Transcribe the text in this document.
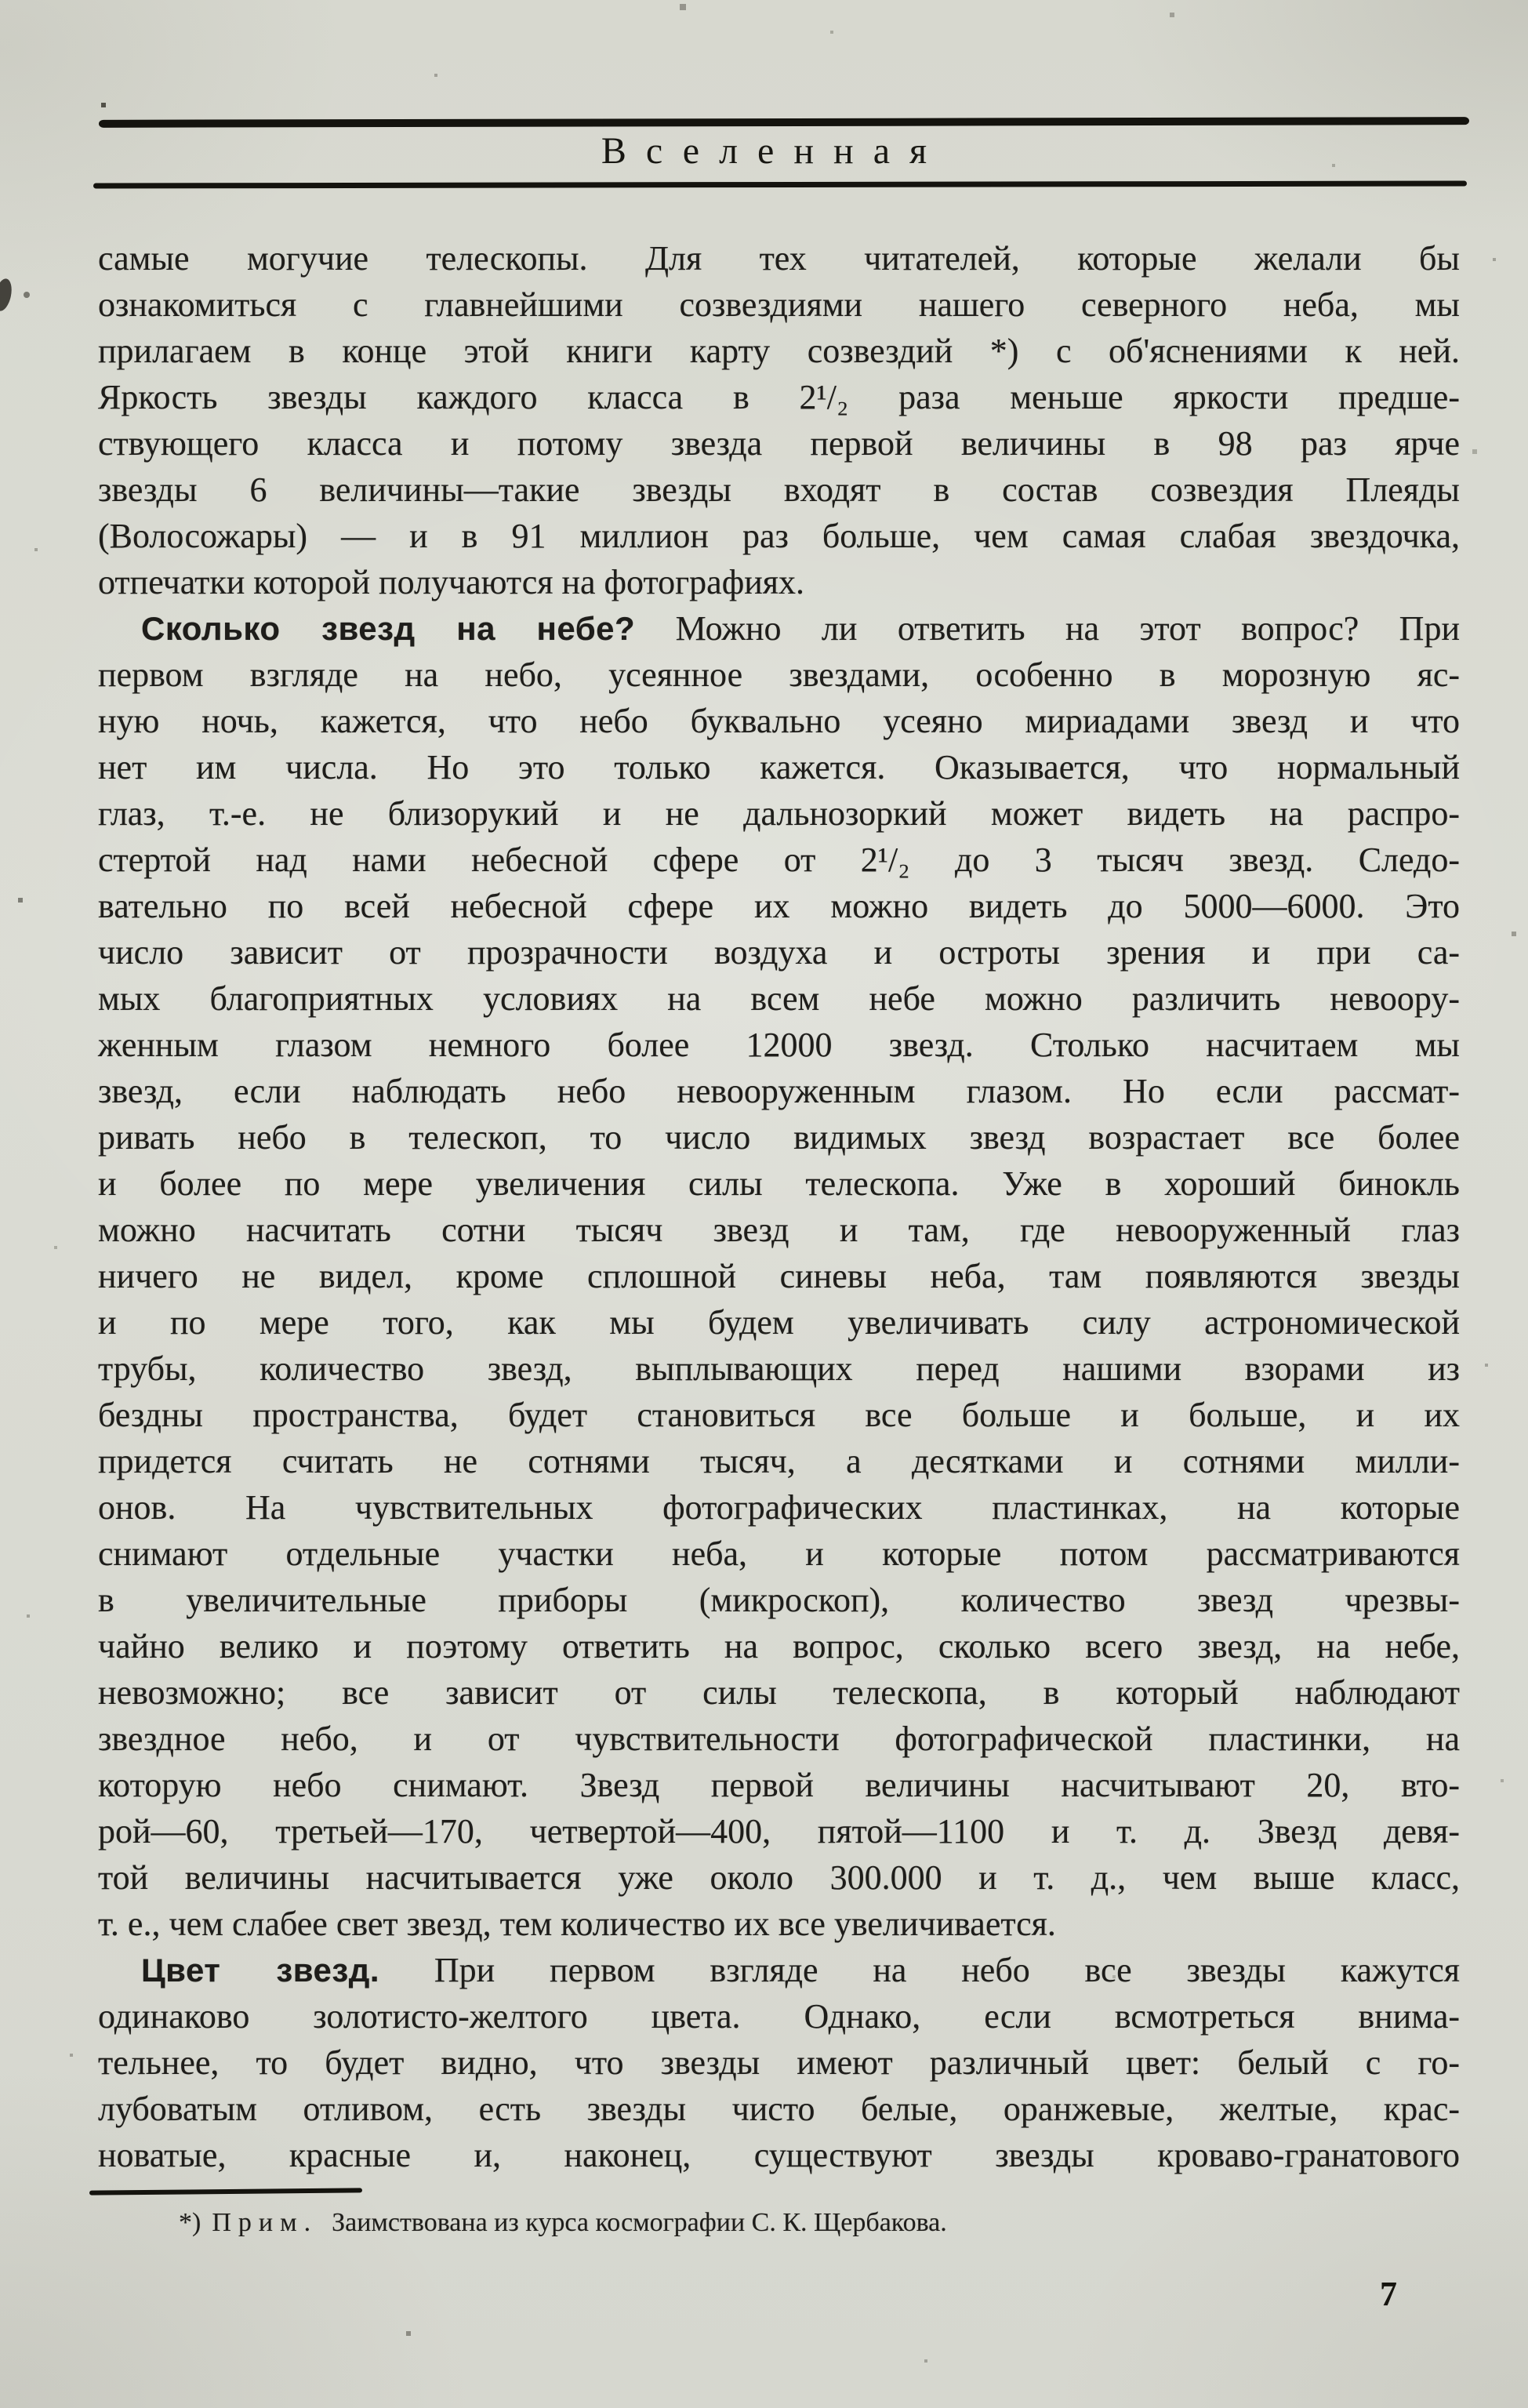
Вселенная
самые могучие телескопы. Для тех читателей, которые желали бы
ознакомиться с главнейшими созвездиями нашего северного неба, мы
прилагаем в конце этой книги карту созвездий *) с об'яснениями к ней.
Яркость звезды каждого класса в 2¹/₂ раза меньше яркости предше-
ствующего класса и потому звезда первой величины в 98 раз ярче
звезды 6 величины—такие звезды входят в состав созвездия Плеяды
(Волосожары) — и в 91 миллион раз больше, чем самая слабая звездочка,
отпечатки которой получаются на фотографиях.
Сколько звезд на небе? Можно ли ответить на этот вопрос? При
первом взгляде на небо, усеянное звездами, особенно в морозную яс-
ную ночь, кажется, что небо буквально усеяно мириадами звезд и что
нет им числа. Но это только кажется. Оказывается, что нормальный
глаз, т.-е. не близорукий и не дальнозоркий может видеть на распро-
стертой над нами небесной сфере от 2¹/₂ до 3 тысяч звезд. Следо-
вательно по всей небесной сфере их можно видеть до 5000—6000. Это
число зависит от прозрачности воздуха и остроты зрения и при са-
мых благоприятных условиях на всем небе можно различить невоору-
женным глазом немного более 12000 звезд. Столько насчитаем мы
звезд, если наблюдать небо невооруженным глазом. Но если рассмат-
ривать небо в телескоп, то число видимых звезд возрастает все более
и более по мере увеличения силы телескопа. Уже в хороший бинокль
можно насчитать сотни тысяч звезд и там, где невооруженный глаз
ничего не видел, кроме сплошной синевы неба, там появляются звезды
и по мере того, как мы будем увеличивать силу астрономической
трубы, количество звезд, выплывающих перед нашими взорами из
бездны пространства, будет становиться все больше и больше, и их
придется считать не сотнями тысяч, а десятками и сотнями милли-
онов. На чувствительных фотографических пластинках, на которые
снимают отдельные участки неба, и которые потом рассматриваются
в увеличительные приборы (микроскоп), количество звезд чрезвы-
чайно велико и поэтому ответить на вопрос, сколько всего звезд, на небе,
невозможно; все зависит от силы телескопа, в который наблюдают
звездное небо, и от чувствительности фотографической пластинки, на
которую небо снимают. Звезд первой величины насчитывают 20, вто-
рой—60, третьей—170, четвертой—400, пятой—1100 и т. д. Звезд девя-
той величины насчитывается уже около 300.000 и т. д., чем выше класс,
т. е., чем слабее свет звезд, тем количество их все увеличивается.
Цвет звезд. При первом взгляде на небо все звезды кажутся
одинаково золотисто-желтого цвета. Однако, если всмотреться внима-
тельнее, то будет видно, что звезды имеют различный цвет: белый с го-
лубоватым отливом, есть звезды чисто белые, оранжевые, желтые, крас-
новатые, красные и, наконец, существуют звезды кроваво-гранатового
*) Прим. Заимствована из курса космографии С. К. Щербакова.
7
